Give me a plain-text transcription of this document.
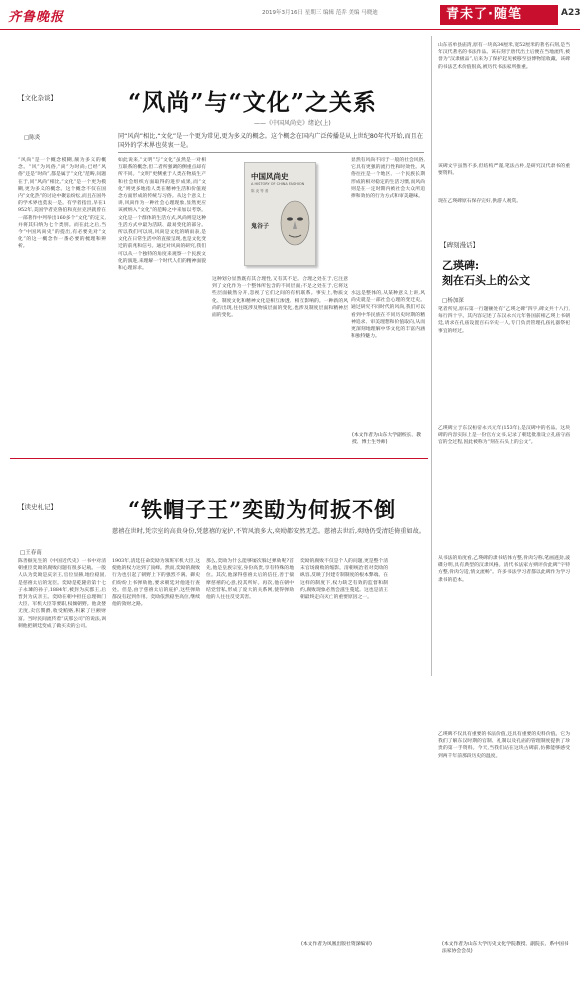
齐鲁晚报	2019年3月16日 星期三 编辑 范乔 美编 马晓迪	青未了·随笔	A23
【文化杂谈】	“风尚”与“文化”之关系
——《中国风尚史》绪论(上)
□陈炎	同“风尚”相比,“文化”是一个更为常见,更为多义的概念。这个概念在国内广泛传播是从上世纪80年代开始,而且在国外的学术界也莫衷一是。
“风尚”是一个概念模糊,颇为多义的概念。“风”为风俗,“尚”为时尚;已经“风俗”还是“时尚”,都是属于“文化”范畴,问题在于,同“风尚”相比,“文化”是一个更为模糊,更为多义的概念。这个概念不仅在国内“文化热”的讨论中聚讼纷纭,而且在国外的学术界也莫衷一是。有学者指出,早在1952年,美国学者克鲁伯和克拉克洪就曾在一部著作中列举出160多个“文化”的定义,并将其归纳为七个类别。而在此之后,当今“中国风尚史”的提出,有必要先对“文化”的这一概念作一番必要的梳理和辨析。
如此说来,“文明”与“文化”虽然是一对相互联系的概念,但二者所强调的侧重点却有所不同。“文明”更侧重于人类在物质生产和社会组织方面取得的进步成果,而“文化”则更多地指人类在精神生活和价值观念方面形成的传统与习俗。从这个意义上讲,风尚作为一种社会心理现象,显然更应该被纳入“文化”的范畴之中来加以考察。文化是一个群体的生活方式,风尚则是这种生活方式中最为活跃、最易变化的部分。所以我们可以说,风尚是文化的晴雨表,是文化在日常生活中的直接呈现,也是文化变迁的前兆和信号。通过对风尚的研究,我们可以从一个独特的角度来观察一个民族文化的演进,来理解一个时代人们的精神面貌和心理诉求。
中国风尚史
A HISTORY OF CHINA FASHION
陈 炎 等 著
鬼谷子
这种划分显然既有其合理性,又有其不足。合理之处在于,它注意到了文化作为一个整体所包含的不同层面;不足之处在于,它将这些层面截然分开,忽视了它们之间的有机联系。事实上,物质文化、制度文化和精神文化是相互渗透、相互影响的。一种新的风尚的出现,往往既涉及物质层面的变化,也涉及制度层面和精神层面的变化。
显然有风尚不同于一般的社会风俗,它具有更强的流行性和时效性。风俗往往是一个地区、一个民族长期形成的相对稳定的生活习惯,而风尚则是在一定时期内被社会大众所追捧和效仿的行为方式和审美趣味。
水远是整体的,从某种意义上讲,风尚史就是一部社会心理的变迁史。通过研究不同时代的风尚,我们可以看到中华民族在不同历史时期的精神追求、审美理想和价值取向,从而更深刻地理解中华文化的丰富内涵和独特魅力。
(本文作者为山东大学副校长、教授、博士生导师)
山东省单县庙湾,原有一块高34厘米,宽52厘米的著名石刻,是当年汉代著名的书法作品。该石刻于唐代出土后便在当地流传,被誉为“汉隶极品”,后来为了保护起见被移至县博物馆收藏。该碑的书法艺术价值很高,被历代书法家所推重。
该碑文字虽然不多,但结构严谨,笔法古朴,是研究汉代隶书的重要资料。
现在乙瑛碑原石保存完好,供游人观赏。
【碑刻漫话】
乙瑛碑:
刻在石头上的公文
□杨加深
笔者所见,原石第一行题额处有“乙瑛之碑”四字,碑文共十八行,每行四十字。其内容记述了东汉永兴元年鲁国前相乙瑛上书朝廷,请求在孔庙设置百石卒史一人,专门负责管理孔庙礼器祭祀事宜的经过。
乙瑛碑立于东汉桓帝永兴元年(153年),是汉碑中的名品。这块碑的内容实际上是一份官方文书,记录了朝廷批准设立孔庙守庙官的全过程,因此被称为“刻在石头上的公文”。
从书法的角度看,乙瑛碑的隶书结体方整,骨肉匀称,笔画遒劲,波磔分明,具有典型的汉隶风格。清代书法家方朔评价此碑“字特方整,骨肉匀适,情文流畅”。许多书法学习者都以此碑作为学习隶书的范本。
乙瑛碑不仅具有重要的书法价值,还具有重要的史料价值。它为我们了解东汉时期的官制、礼制以及孔庙的管理制度提供了珍贵的第一手资料。今天,当我们站在这块古碑前,仿佛能够感受到两千年前那段历史的温度。
(本文作者为山东大学历史文化学院教授、副院长、系中国书法家协会会员)
【读史札记】	“铁帽子王”奕劻为何扳不倒
□王春南
慈禧在世时,凭宗室的高贵身份,凭慈禧的宠护,不管风浪多大,奕劻都安然无恙。慈禧去世后,奕劻仍受清廷倚重如故。
陈善颐先生的《中国近代史》一书中对清朝重臣奕劻的腐败问题有很多记载。一般人认为奕劻是庆亲王,官位显赫,地位稳固,是慈禧太后的宠臣。奕劻是乾隆帝第十七子永璘的孙子,1884年,被封为庆郡王,后晋封为庆亲王。奕劻在朝中担任总理衙门大臣、军机大臣等要职,权倾朝野。他贪婪无度,卖官鬻爵,收受贿赂,积累了巨额财富。当时民间流传着“庆那公司”的说法,讽刺他把朝廷变成了做买卖的公司。
1903年,清廷任命奕劻为领班军机大臣,这使他的权力达到了顶峰。然而,奕劻的腐败行为也引起了朝野上下的强烈不满。御史们纷纷上书弹劾他,要求朝廷对他进行查处。但是,由于慈禧太后的庇护,这些弹劾都没有起到作用。奕劻依然稳坐高位,继续他的敛财之路。
那么,奕劻为什么能够屡次躲过弹劾呢?首先,他是皇族宗室,身份高贵,享有特殊的地位。其次,他深得慈禧太后的信任,善于揣摩慈禧的心意,投其所好。再次,他在朝中结党营私,形成了庞大的关系网,使得弹劾他的人往往反受其害。
奕劻的腐败不仅是个人的问题,更是整个清末官场腐败的缩影。清朝统治者对奕劻的纵容,反映了封建专制制度的根本弊端。在这样的制度下,权力缺乏有效的监督和制约,腐败现象必然会滋生蔓延。这也是清王朝最终走向灭亡的重要原因之一。
(本文作者为凤凰出版社资深编审)
